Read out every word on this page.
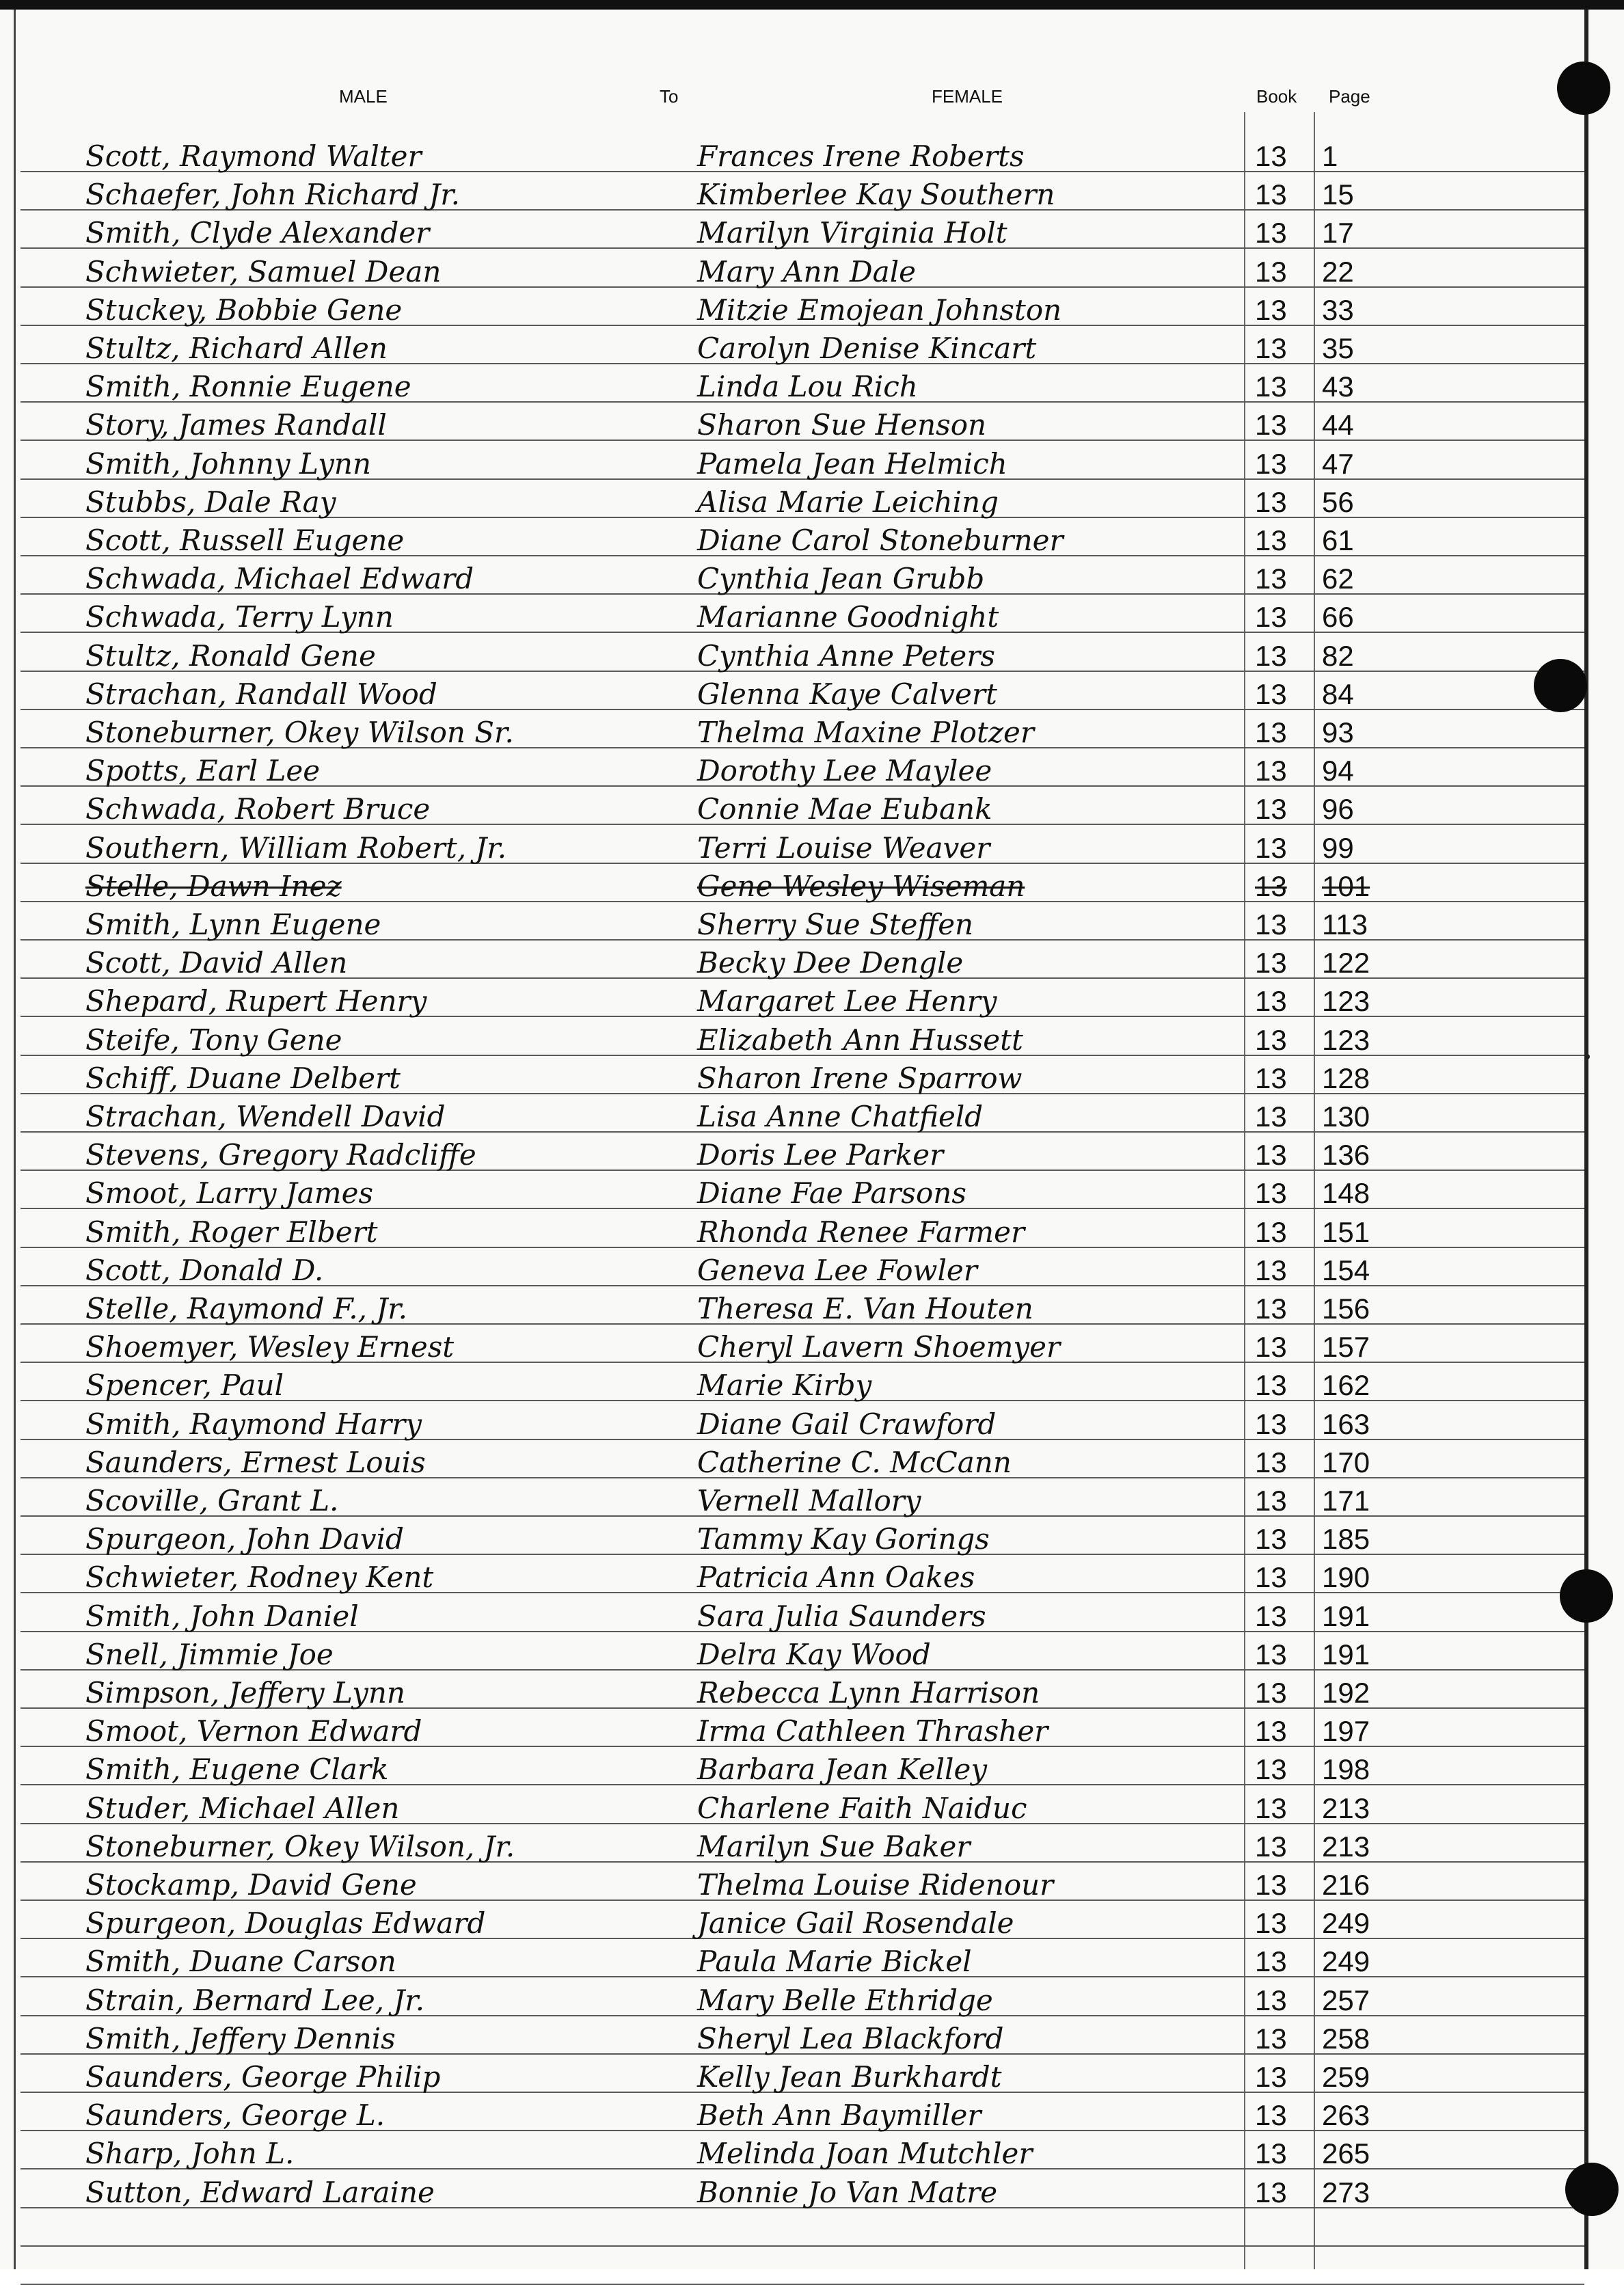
MALE	To	FEMALE	Book Page
Scott, Raymond Walter	Frances Irene Roberts	13 1
Schaefer, John Richard Jr.	Kimberlee Kay Southern	13 15
Smith, Clyde Alexander	Marilyn Virginia Holt	13 17
Schwieter, Samuel Dean	Mary Ann Dale	13 22
Stuckey, Bobbie Gene	Mitzie Emojean Johnston	13 33
Stultz, Richard Allen	Carolyn Denise Kincart	13 35
Smith, Ronnie Eugene	Linda Lou Rich	13 43
Story, James Randall	Sharon Sue Henson	13 44
Smith, Johnny Lynn	Pamela Jean Helmich	13 47
Stubbs, Dale Ray	Alisa Marie Leiching	13 56
Scott, Russell Eugene	Diane Carol Stoneburner	13 61
Schwada, Michael Edward	Cynthia Jean Grubb	13 62
Schwada, Terry Lynn	Marianne Goodnight	13 66
Stultz, Ronald Gene	Cynthia Anne Peters	13 82
Strachan, Randall Wood	Glenna Kaye Calvert	13 84
Stoneburner, Okey Wilson Sr.	Thelma Maxine Plotzer	13 93
Spotts, Earl Lee	Dorothy Lee Maylee	13 94
Schwada, Robert Bruce	Connie Mae Eubank	13 96
Southern, William Robert, Jr.	Terri Louise Weaver	13 99
Stelle, Dawn Inez	Gene Wesley Wiseman	13 101
Smith, Lynn Eugene	Sherry Sue Steffen	13 113
Scott, David Allen	Becky Dee Dengle	13 122
Shepard, Rupert Henry	Margaret Lee Henry	13 123
Steife, Tony Gene	Elizabeth Ann Hussett	13 123
Schiff, Duane Delbert	Sharon Irene Sparrow	13 128
Strachan, Wendell David	Lisa Anne Chatfield	13 130
Stevens, Gregory Radcliffe	Doris Lee Parker	13 136
Smoot, Larry James	Diane Fae Parsons	13 148
Smith, Roger Elbert	Rhonda Renee Farmer	13 151
Scott, Donald D.	Geneva Lee Fowler	13 154
Stelle, Raymond F., Jr.	Theresa E. Van Houten	13 156
Shoemyer, Wesley Ernest	Cheryl Lavern Shoemyer	13 157
Spencer, Paul	Marie Kirby	13 162
Smith, Raymond Harry	Diane Gail Crawford	13 163
Saunders, Ernest Louis	Catherine C. McCann	13 170
Scoville, Grant L.	Vernell Mallory	13 171
Spurgeon, John David	Tammy Kay Gorings	13 185
Schwieter, Rodney Kent	Patricia Ann Oakes	13 190
Smith, John Daniel	Sara Julia Saunders	13 191
Snell, Jimmie Joe	Delra Kay Wood	13 191
Simpson, Jeffery Lynn	Rebecca Lynn Harrison	13 192
Smoot, Vernon Edward	Irma Cathleen Thrasher	13 197
Smith, Eugene Clark	Barbara Jean Kelley	13 198
Studer, Michael Allen	Charlene Faith Naiduc	13 213
Stoneburner, Okey Wilson, Jr.	Marilyn Sue Baker	13 213
Stockamp, David Gene	Thelma Louise Ridenour	13 216
Spurgeon, Douglas Edward	Janice Gail Rosendale	13 249
Smith, Duane Carson	Paula Marie Bickel	13 249
Strain, Bernard Lee, Jr.	Mary Belle Ethridge	13 257
Smith, Jeffery Dennis	Sheryl Lea Blackford	13 258
Saunders, George Philip	Kelly Jean Burkhardt	13 259
Saunders, George L.	Beth Ann Baymiller	13 263
Sharp, John L.	Melinda Joan Mutchler	13 265
Sutton, Edward Laraine	Bonnie Jo Van Matre	13 273
